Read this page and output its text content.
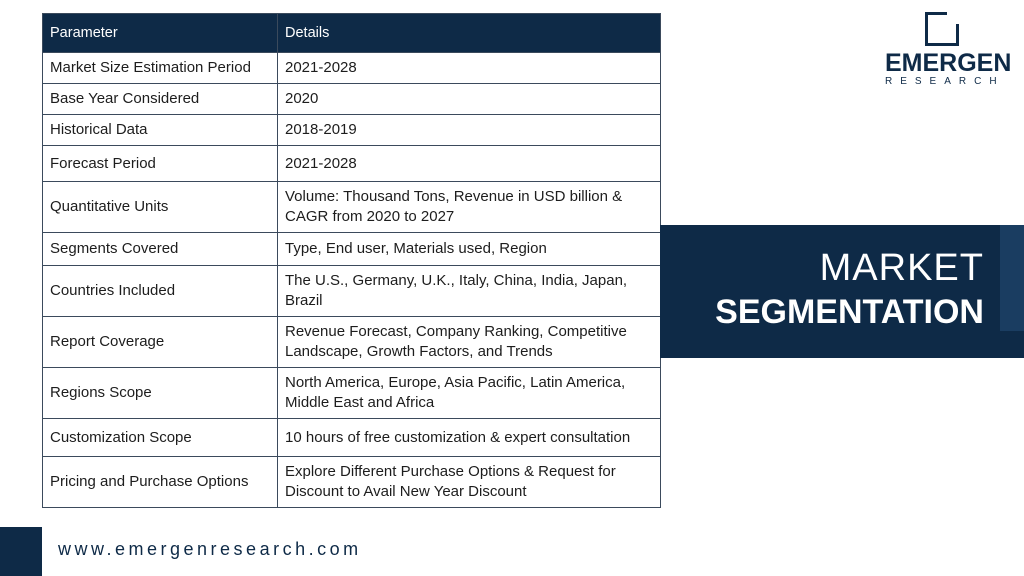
Parameter	Details
Market Size Estimation Period	2021-2028
Base Year Considered	2020
Historical Data	2018-2019
Forecast Period	2021-2028
Quantitative Units	Volume: Thousand Tons, Revenue in USD billion & CAGR from 2020 to 2027
Segments Covered	Type, End user, Materials used, Region
Countries Included	The U.S., Germany, U.K., Italy, China, India, Japan, Brazil
Report Coverage	Revenue Forecast, Company Ranking, Competitive Landscape, Growth Factors, and Trends
Regions Scope	North America, Europe, Asia Pacific, Latin America, Middle East and Africa
Customization Scope	10 hours of free customization & expert consultation
Pricing and Purchase Options	Explore Different Purchase Options & Request for Discount to Avail New Year Discount
EMERGEN
RESEARCH
MARKET
SEGMENTATION
www.emergenresearch.com
